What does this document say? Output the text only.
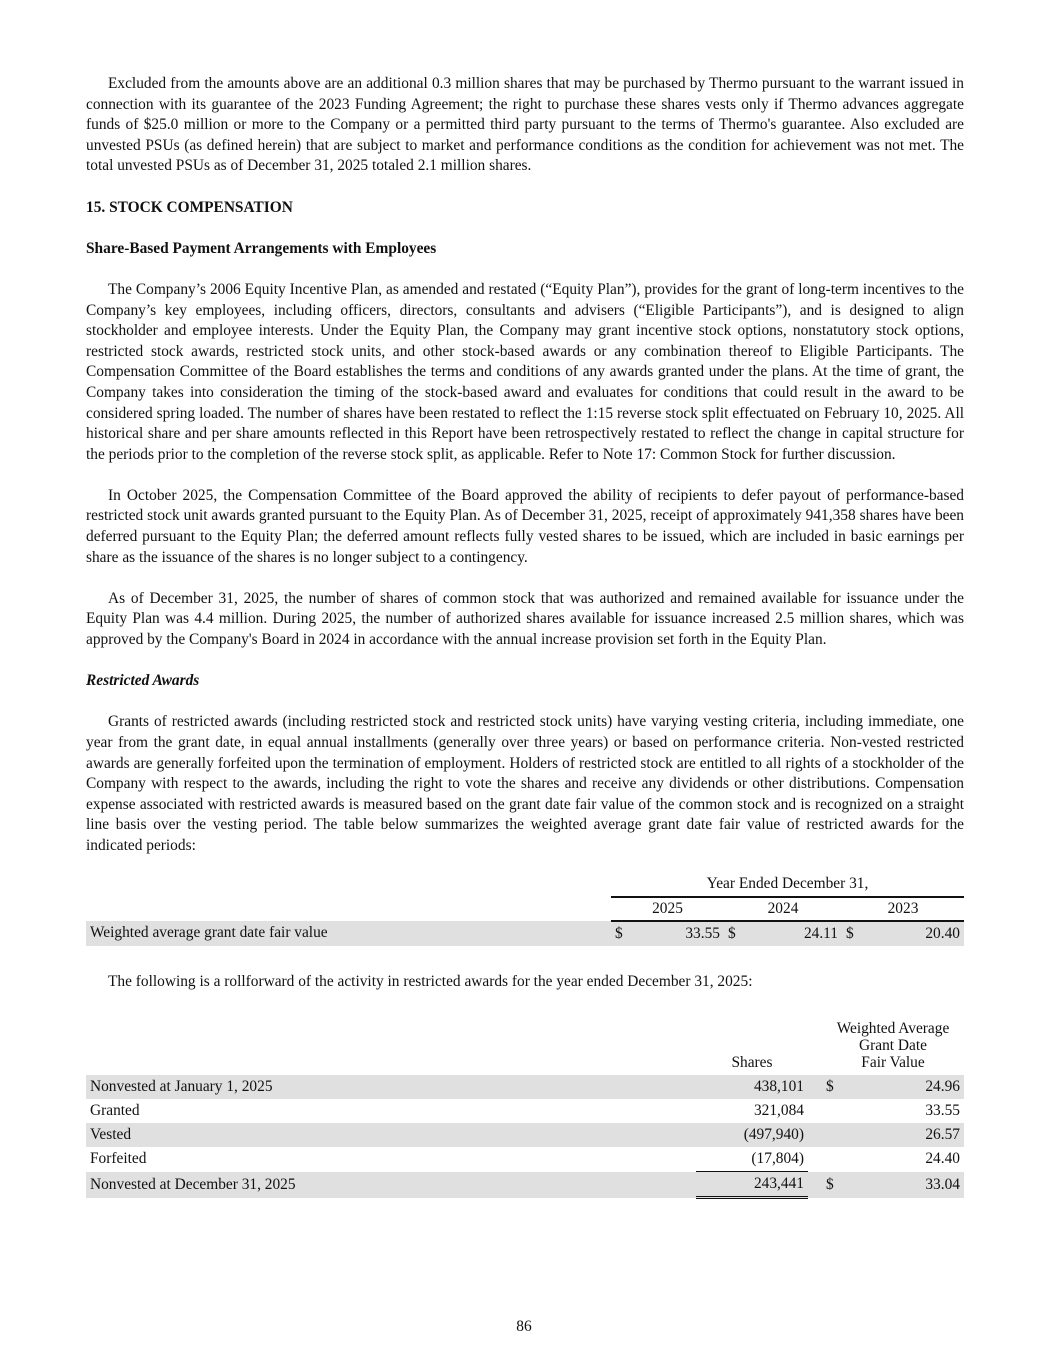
Excluded from the amounts above are an additional 0.3 million shares that may be purchased by Thermo pursuant to the warrant issued in connection with its guarantee of the 2023 Funding Agreement; the right to purchase these shares vests only if Thermo advances aggregate funds of $25.0 million or more to the Company or a permitted third party pursuant to the terms of Thermo's guarantee. Also excluded are unvested PSUs (as defined herein) that are subject to market and performance conditions as the condition for achievement was not met. The total unvested PSUs as of December 31, 2025 totaled 2.1 million shares.

15. STOCK COMPENSATION
Share-Based Payment Arrangements with Employees

The Company’s 2006 Equity Incentive Plan, as amended and restated (“Equity Plan”), provides for the grant of long-term incentives to the Company’s key employees, including officers, directors, consultants and advisers (“Eligible Participants”), and is designed to align stockholder and employee interests. Under the Equity Plan, the Company may grant incentive stock options, nonstatutory stock options, restricted stock awards, restricted stock units, and other stock-based awards or any combination thereof to Eligible Participants. The Compensation Committee of the Board establishes the terms and conditions of any awards granted under the plans. At the time of grant, the Company takes into consideration the timing of the stock-based award and evaluates for conditions that could result in the award to be considered spring loaded. The number of shares have been restated to reflect the 1:15 reverse stock split effectuated on February 10, 2025. All historical share and per share amounts reflected in this Report have been retrospectively restated to reflect the change in capital structure for the periods prior to the completion of the reverse stock split, as applicable. Refer to Note 17: Common Stock for further discussion.

In October 2025, the Compensation Committee of the Board approved the ability of recipients to defer payout of performance-based restricted stock unit awards granted pursuant to the Equity Plan. As of December 31, 2025, receipt of approximately 941,358 shares have been deferred pursuant to the Equity Plan; the deferred amount reflects fully vested shares to be issued, which are included in basic earnings per share as the issuance of the shares is no longer subject to a contingency.

As of December 31, 2025, the number of shares of common stock that was authorized and remained available for issuance under the Equity Plan was 4.4 million. During 2025, the number of authorized shares available for issuance increased 2.5 million shares, which was approved by the Company's Board in 2024 in accordance with the annual increase provision set forth in the Equity Plan.

Restricted Awards

Grants of restricted awards (including restricted stock and restricted stock units) have varying vesting criteria, including immediate, one year from the grant date, in equal annual installments (generally over three years) or based on performance criteria. Non-vested restricted awards are generally forfeited upon the termination of employment. Holders of restricted stock are entitled to all rights of a stockholder of the Company with respect to the awards, including the right to vote the shares and receive any dividends or other distributions. Compensation expense associated with restricted awards is measured based on the grant date fair value of the common stock and is recognized on a straight line basis over the vesting period. The table below summarizes the weighted average grant date fair value of restricted awards for the indicated periods:

	Year Ended December 31,					
	2025		2024		2023	
Weighted average grant date fair value	$	33.55	$	24.11	$	20.40

The following is a rollforward of the activity in restricted awards for the year ended December 31, 2025:

	Shares		Weighted Average
Grant Date
Fair Value	

Nonvested at January 1, 2025	438,101		$	24.96
Granted	321,084			33.55
Vested	(497,940)			26.57
Forfeited	(17,804)			24.40
Nonvested at December 31, 2025	243,441		$	33.04
86
